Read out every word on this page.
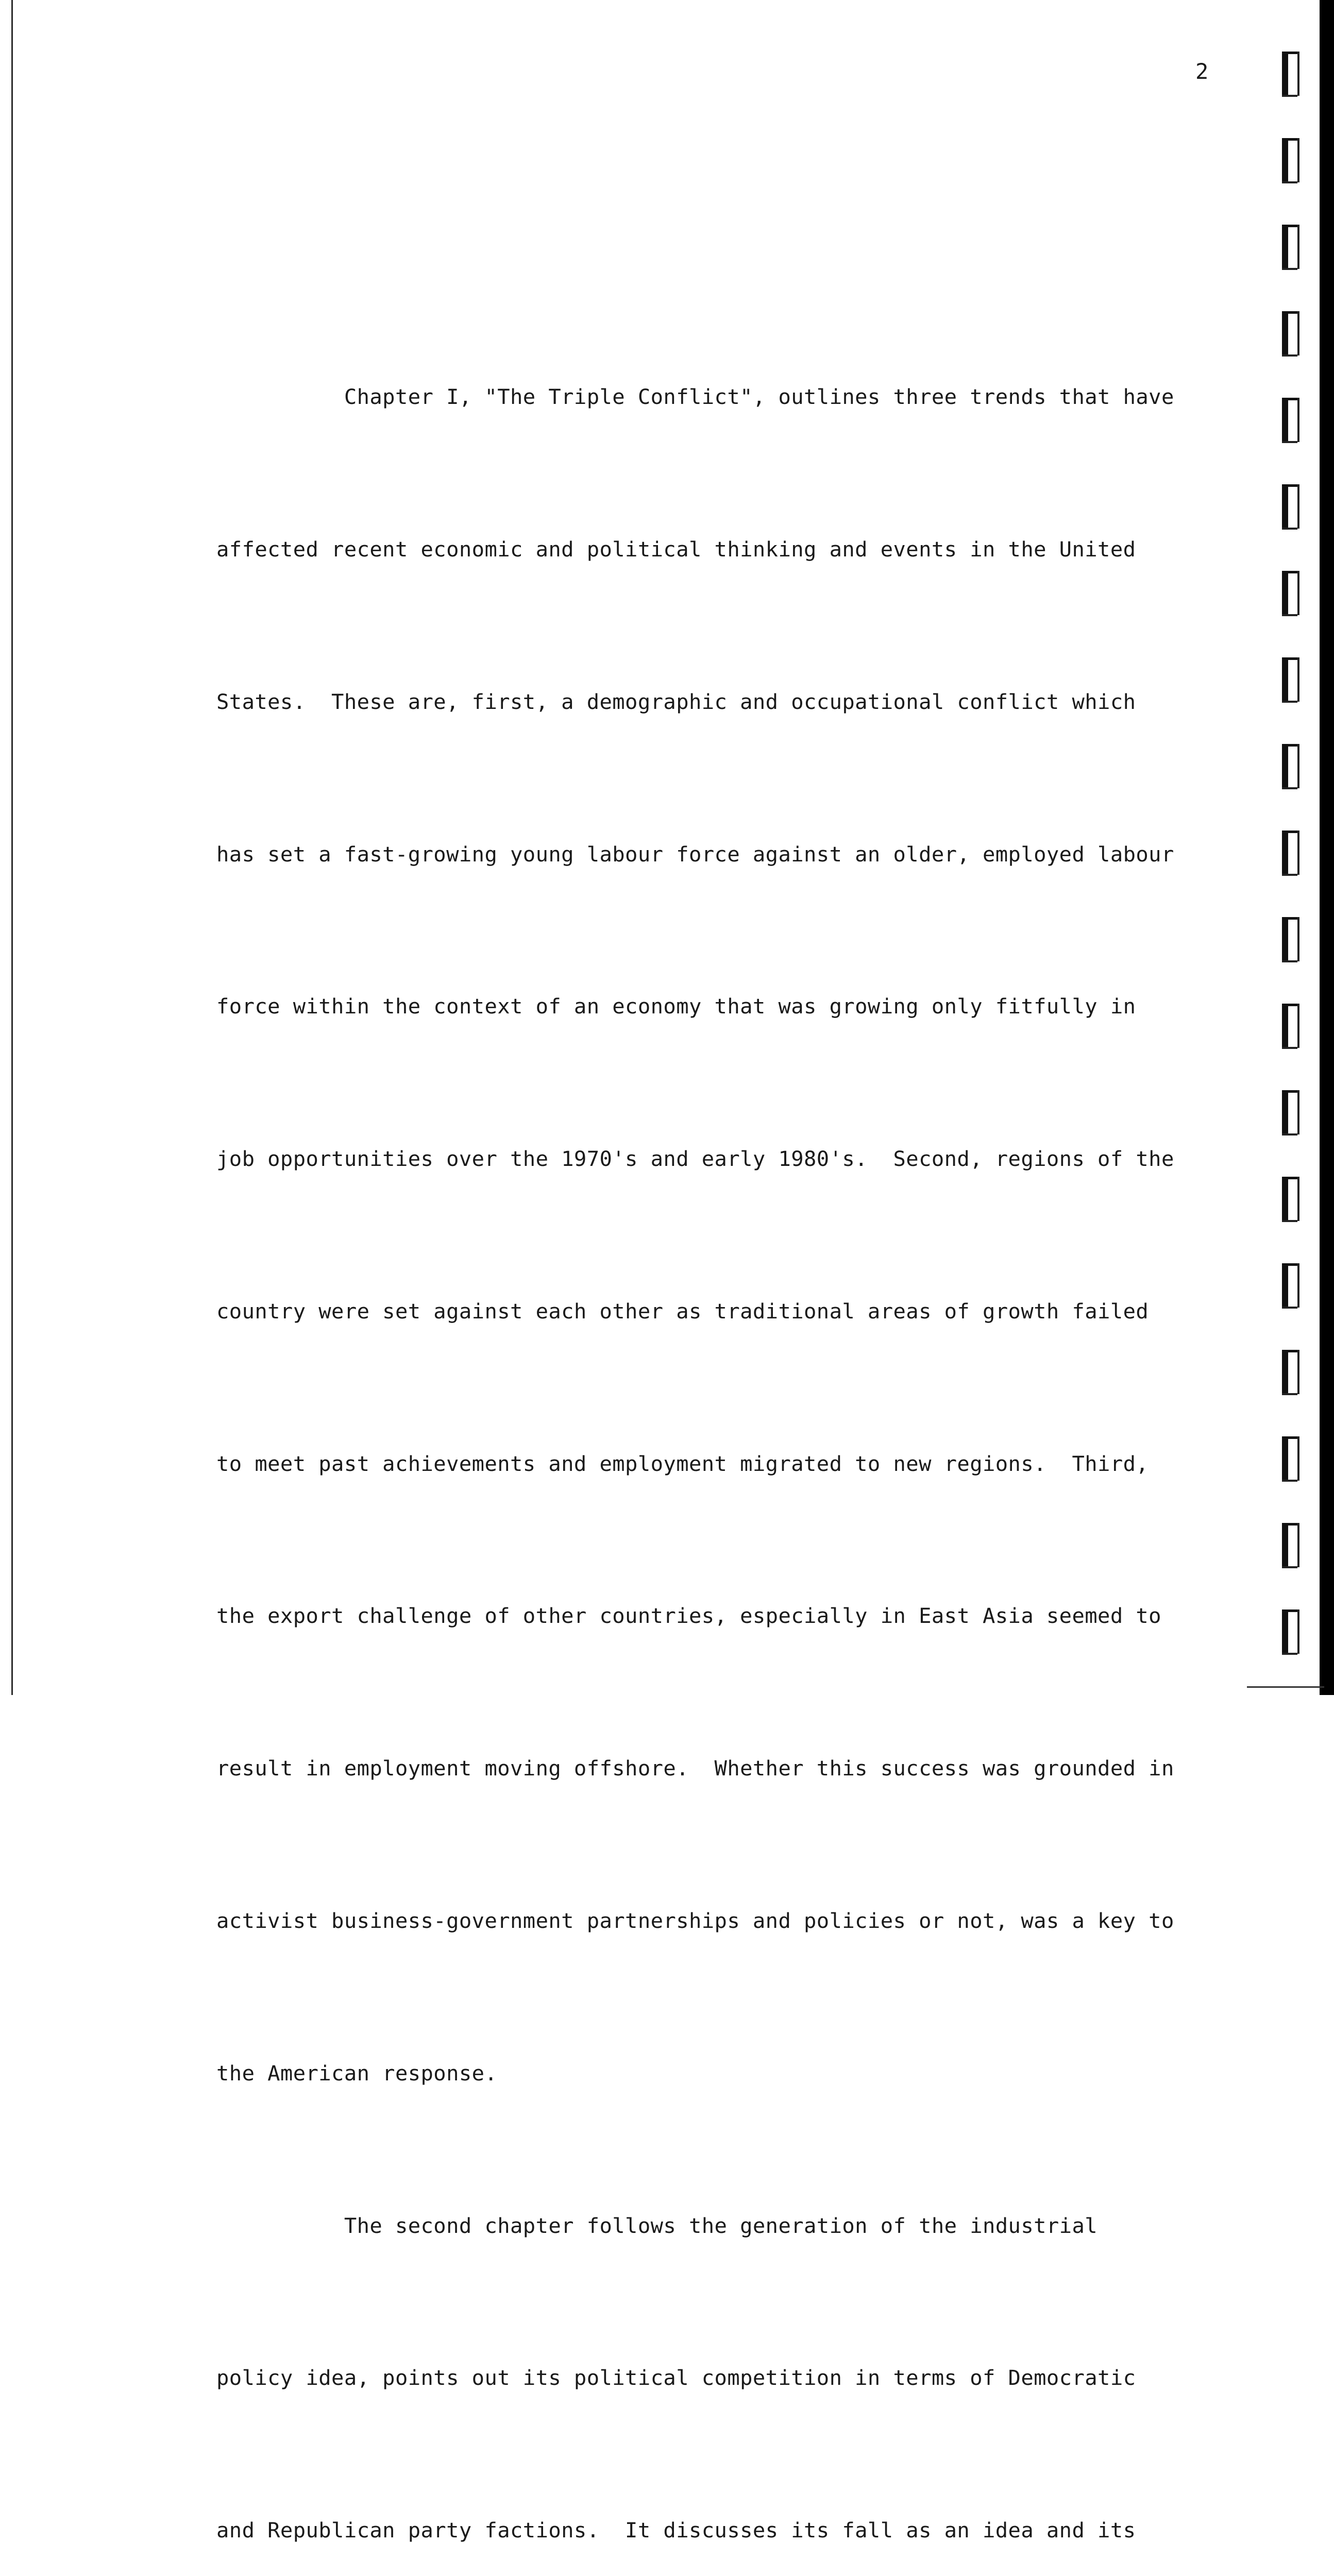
2

Chapter I, "The Triple Conflict", outlines three trends that have

affected recent economic and political thinking and events in the United

States.  These are, first, a demographic and occupational conflict which

has set a fast-growing young labour force against an older, employed labour

force within the context of an economy that was growing only fitfully in

job opportunities over the 1970's and early 1980's.  Second, regions of the

country were set against each other as traditional areas of growth failed

to meet past achievements and employment migrated to new regions.  Third,

the export challenge of other countries, especially in East Asia seemed to

result in employment moving offshore.  Whether this success was grounded in

activist business-government partnerships and policies or not, was a key to

the American response.

The second chapter follows the generation of the industrial

policy idea, points out its political competition in terms of Democratic

and Republican party factions.  It discusses its fall as an idea and its
